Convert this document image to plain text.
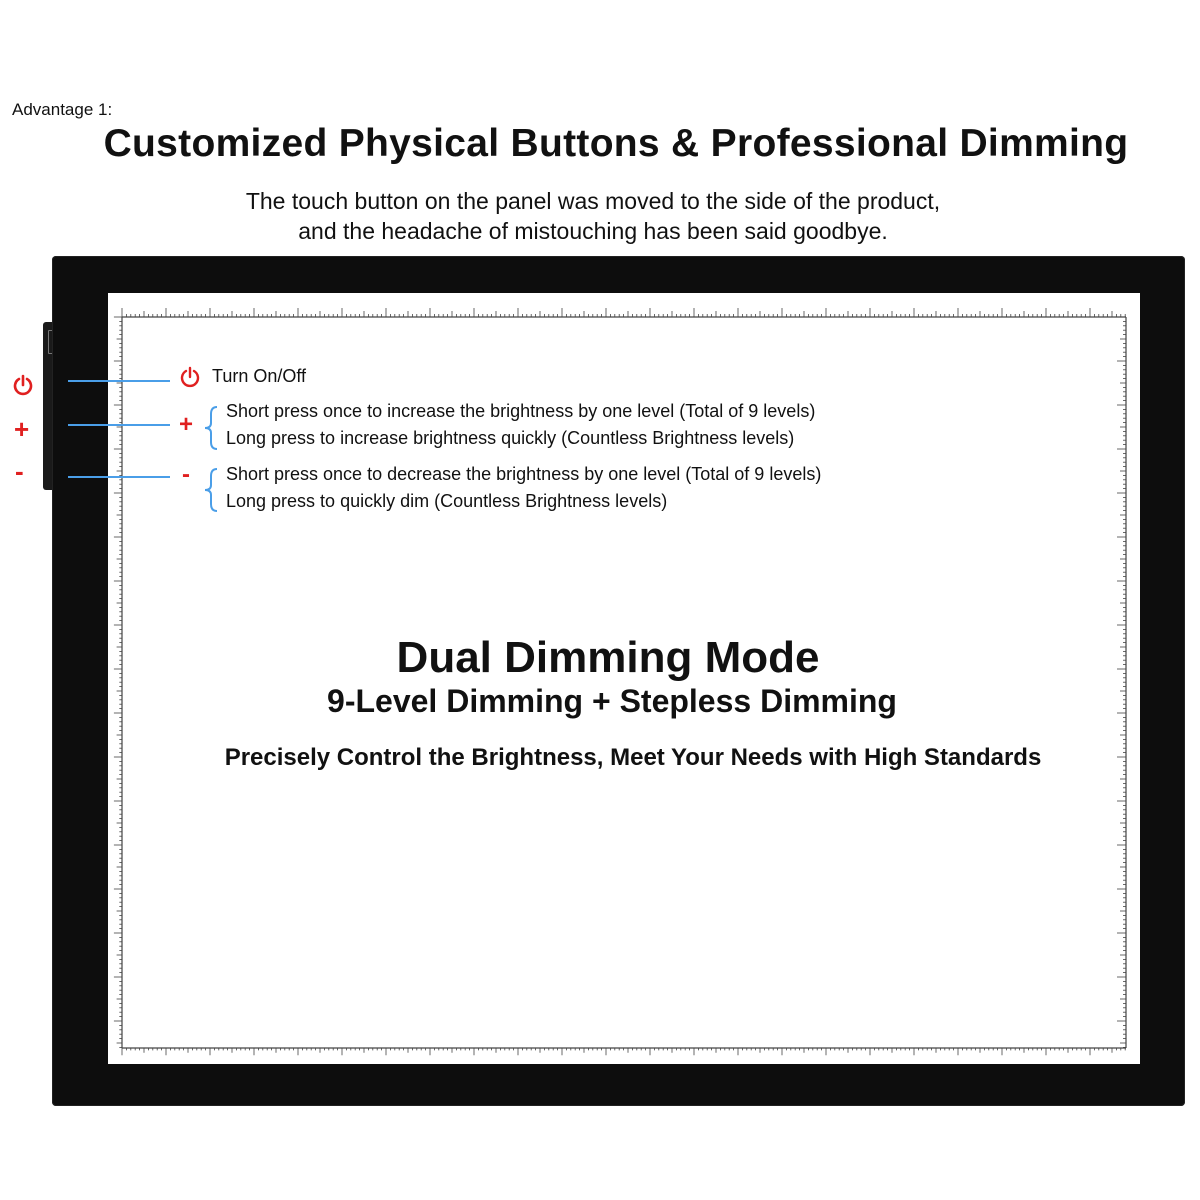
Advantage 1:
Customized Physical Buttons & Professional Dimming
The touch button on the panel was moved to the side of the product,
and the headache of mistouching has been said goodbye.
+
-
Turn On/Off
+ Short press once to increase the brightness by one level (Total of 9 levels)
Long press to increase brightness quickly (Countless Brightness levels)
- Short press once to decrease the brightness by one level (Total of 9 levels)
Long press to quickly dim (Countless Brightness levels)
Dual Dimming Mode
9-Level Dimming + Stepless Dimming
Precisely Control the Brightness, Meet Your Needs with High Standards
